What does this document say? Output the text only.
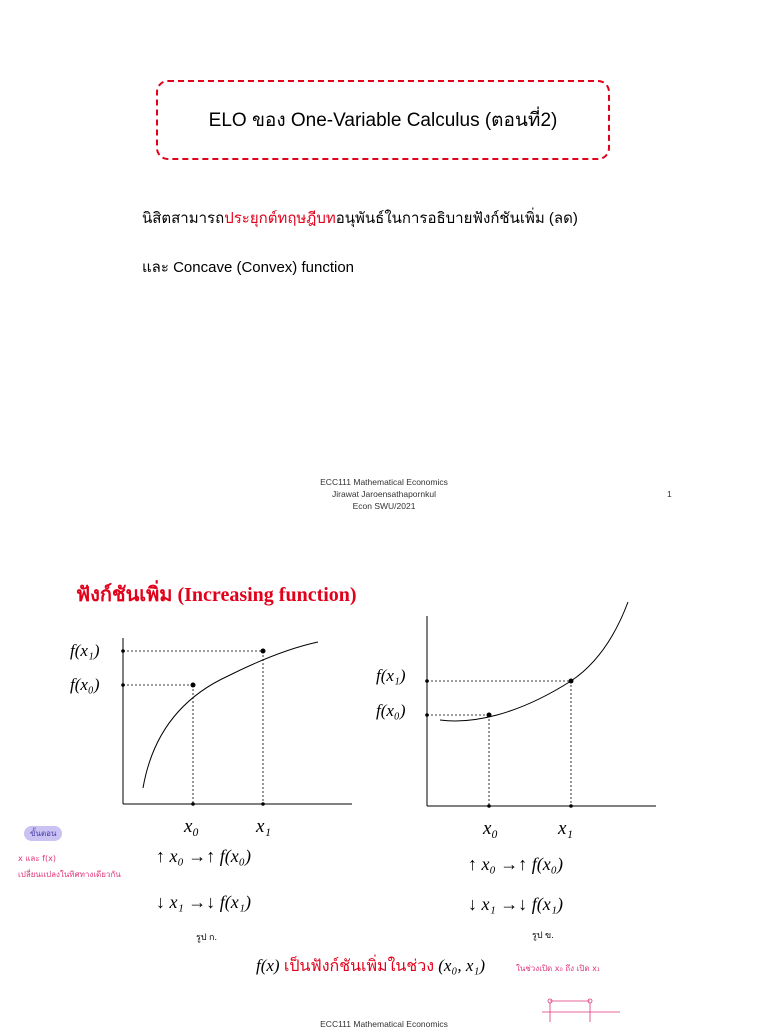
ELO ของ One-Variable Calculus (ตอนที่2)
นิสิตสามารถประยุกต์ทฤษฎีบทอนุพันธ์ในการอธิบายฟังก์ชันเพิ่ม (ลด)
และ Concave (Convex) function
ECC111 Mathematical Economics
Jirawat Jaroensathapornkul
Econ SWU/2021
1
ฟังก์ชันเพิ่ม (Increasing function)
f(x₁)
f(x₀)
x₀	x₁
↑ x₀ →↑ f(x₀)
↓ x₁ →↓ f(x₁)
รูป ก.
f(x₁)
f(x₀)
x₀	x₁
↑ x₀ →↑ f(x₀)
↓ x₁ →↓ f(x₁)
รูป ข.
f(x) เป็นฟังก์ชันเพิ่มในช่วง (x₀, x₁)
ขั้นตอน
x และ f(x)
เปลี่ยนแปลงในทิศทางเดียวกัน
ในช่วงเปิด x₀ ถึง เปิด x₁
ECC111 Mathematical Economics
